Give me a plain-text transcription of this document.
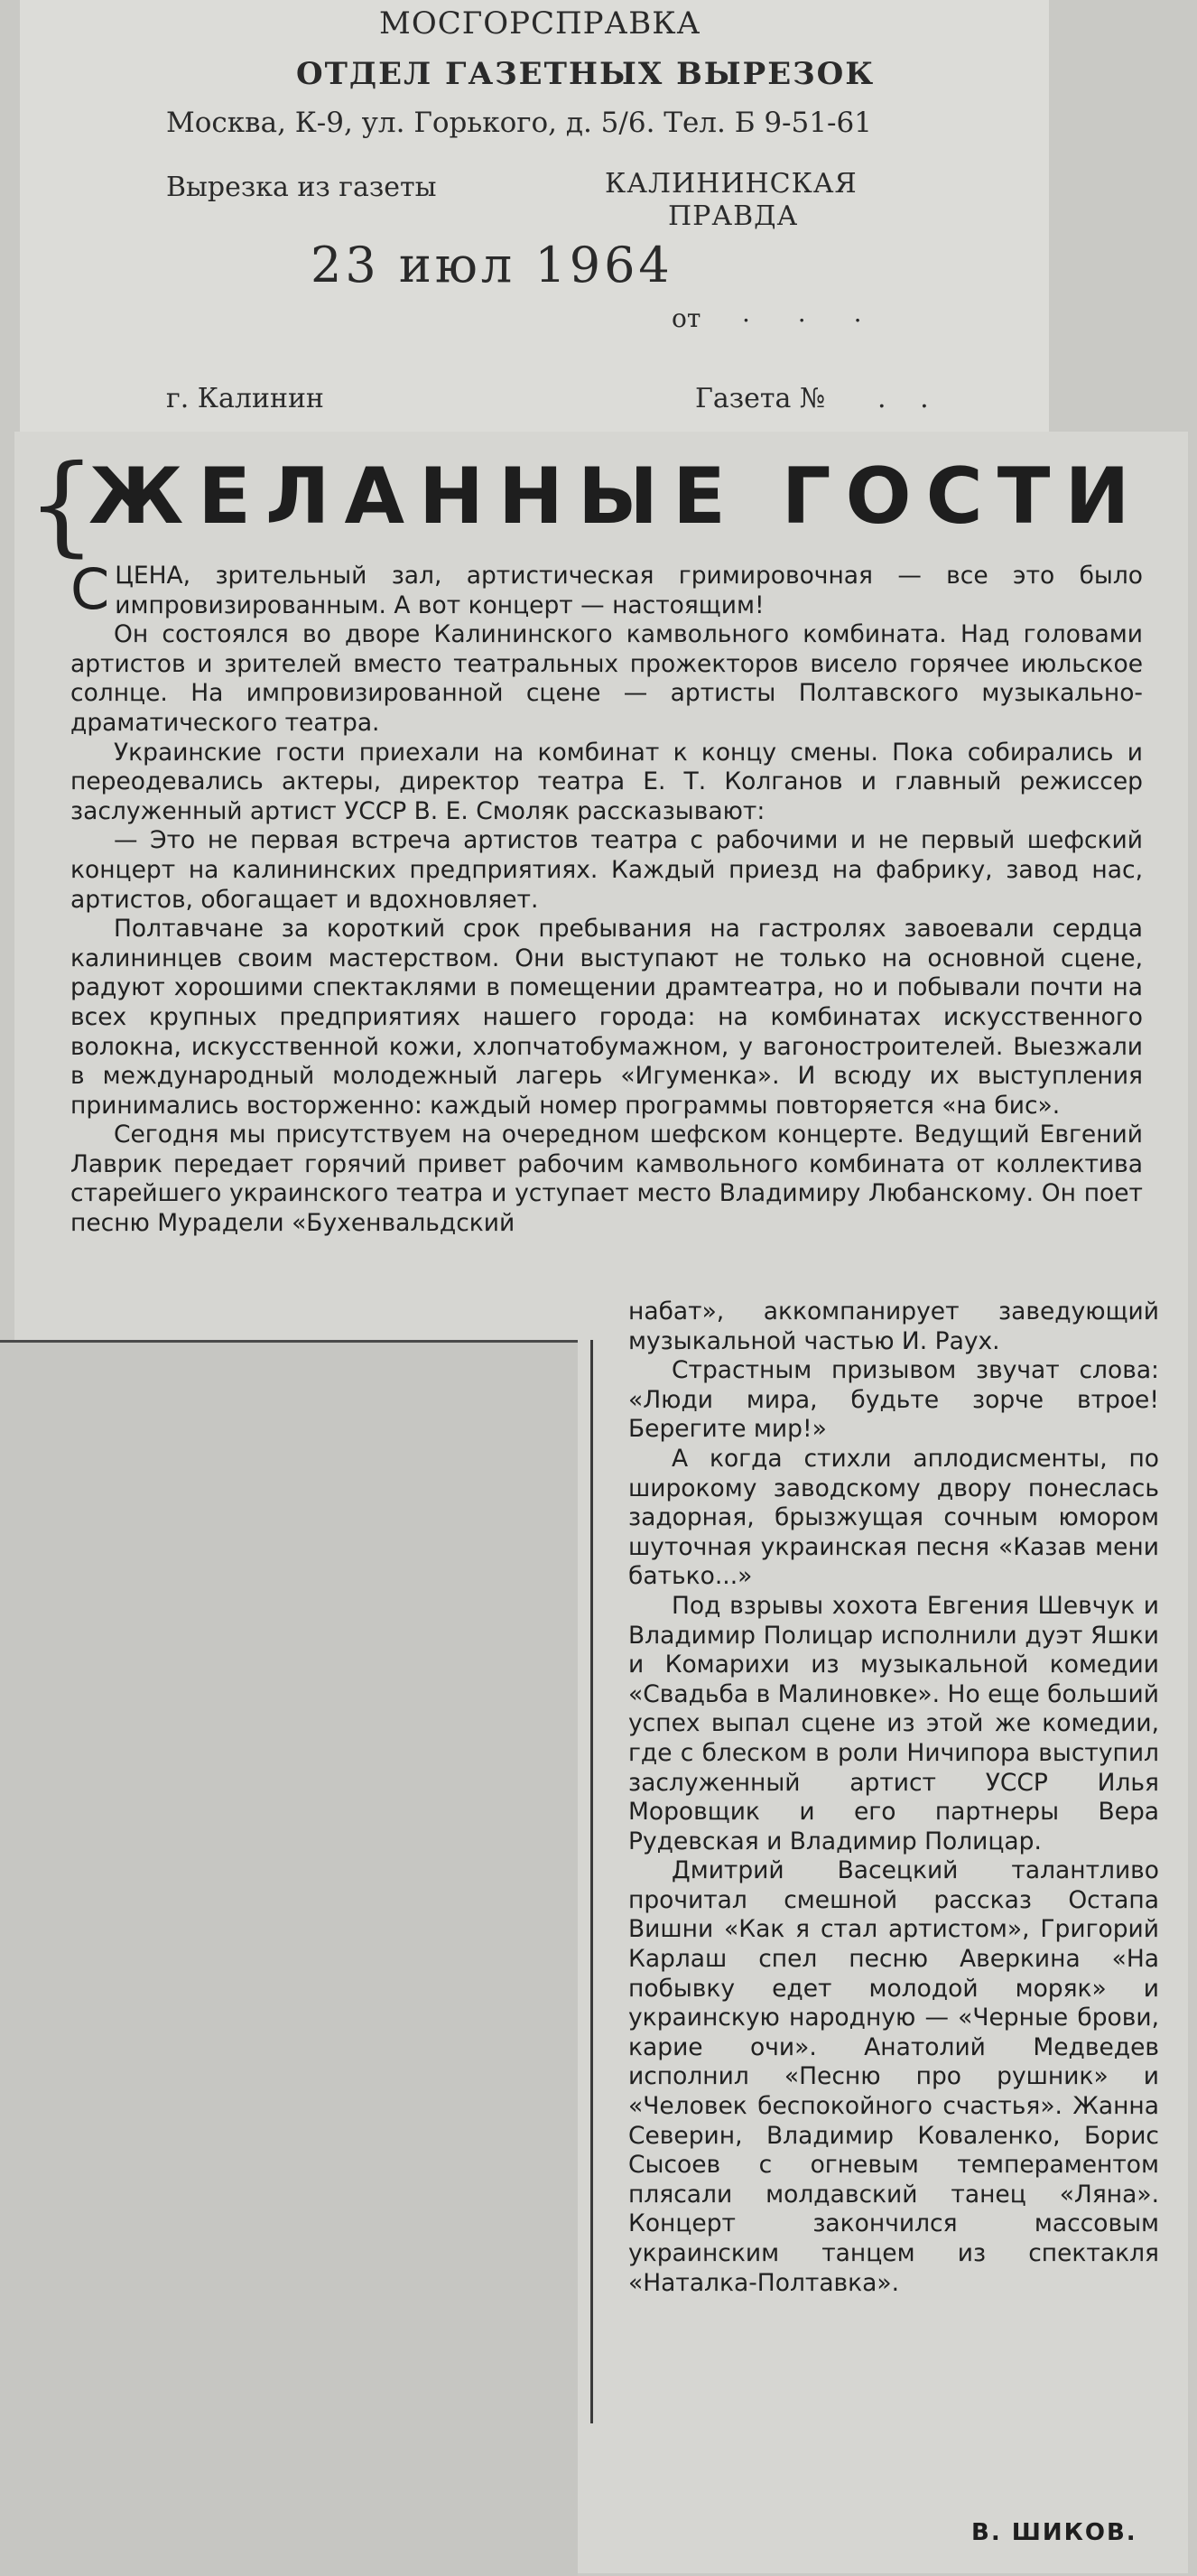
МОСГОРСПРАВКА
ОТДЕЛ ГАЗЕТНЫХ ВЫРЕЗОК
Москва, К-9, ул. Горького, д. 5/6. Тел. Б 9-51-61
Вырезка из газеты	КАЛИНИНСКАЯ
ПРАВДА
23 июл 1964
от . . .
г. Калинин	Газета № . .
{
ЖЕЛАННЫЕ ГОСТИ

СЦЕНА, зрительный зал, артистическая гримировочная — все это было импровизированным. А вот концерт — настоящим!

Он состоялся во дворе Калининского камвольного комбината. Над головами артистов и зрителей вместо театральных прожекторов висело горячее июльское солнце. На импровизированной сцене — артисты Полтавского музыкально-драматического театра.

Украинские гости приехали на комбинат к концу смены. Пока собирались и переодевались актеры, директор театра Е. Т. Колганов и главный режиссер заслуженный артист УССР В. Е. Смоляк рассказывают:

— Это не первая встреча артистов театра с рабочими и не первый шефский концерт на калининских предприятиях. Каждый приезд на фабрику, завод нас, артистов, обогащает и вдохновляет.

Полтавчане за короткий срок пребывания на гастролях завоевали сердца калининцев своим мастерством. Они выступают не только на основной сцене, радуют хорошими спектаклями в помещении драмтеатра, но и побывали почти на всех крупных предприятиях нашего города: на комбинатах искусственного волокна, искусственной кожи, хлопчатобумажном, у вагоностроителей. Выезжали в международный молодежный лагерь «Игуменка». И всюду их выступления принимались восторженно: каждый номер программы повторяется «на бис».

Сегодня мы присутствуем на очередном шефском концерте. Ведущий Евгений Лаврик передает горячий привет рабочим камвольного комбината от коллектива старейшего украинского театра и уступает место Владимиру Любанскому. Он поет песню Мурадели «Бухенвальдский

набат», аккомпанирует заведующий музыкальной частью И. Раух.

Страстным призывом звучат слова: «Люди мира, будьте зорче втрое! Берегите мир!»

А когда стихли аплодисменты, по широкому заводскому двору понеслась задорная, брызжущая сочным юмором шуточная украинская песня «Казав мени батько...»

Под взрывы хохота Евгения Шевчук и Владимир Полицар исполнили дуэт Яшки и Комарихи из музыкальной комедии «Свадьба в Малиновке». Но еще больший успех выпал сцене из этой же комедии, где с блеском в роли Ничипора выступил заслуженный артист УССР Илья Моровщик и его партнеры Вера Рудевская и Владимир Полицар.

Дмитрий Васецкий талантливо прочитал смешной рассказ Остапа Вишни «Как я стал артистом», Григорий Карлаш спел песню Аверкина «На побывку едет молодой моряк» и украинскую народную — «Черные брови, карие очи». Анатолий Медведев исполнил «Песню про рушник» и «Человек беспокойного счастья». Жанна Северин, Владимир Коваленко, Борис Сысоев с огневым темпераментом плясали молдавский танец «Ляна». Концерт закончился массовым украинским танцем из спектакля «Наталка-Полтавка».

В. ШИКОВ.
